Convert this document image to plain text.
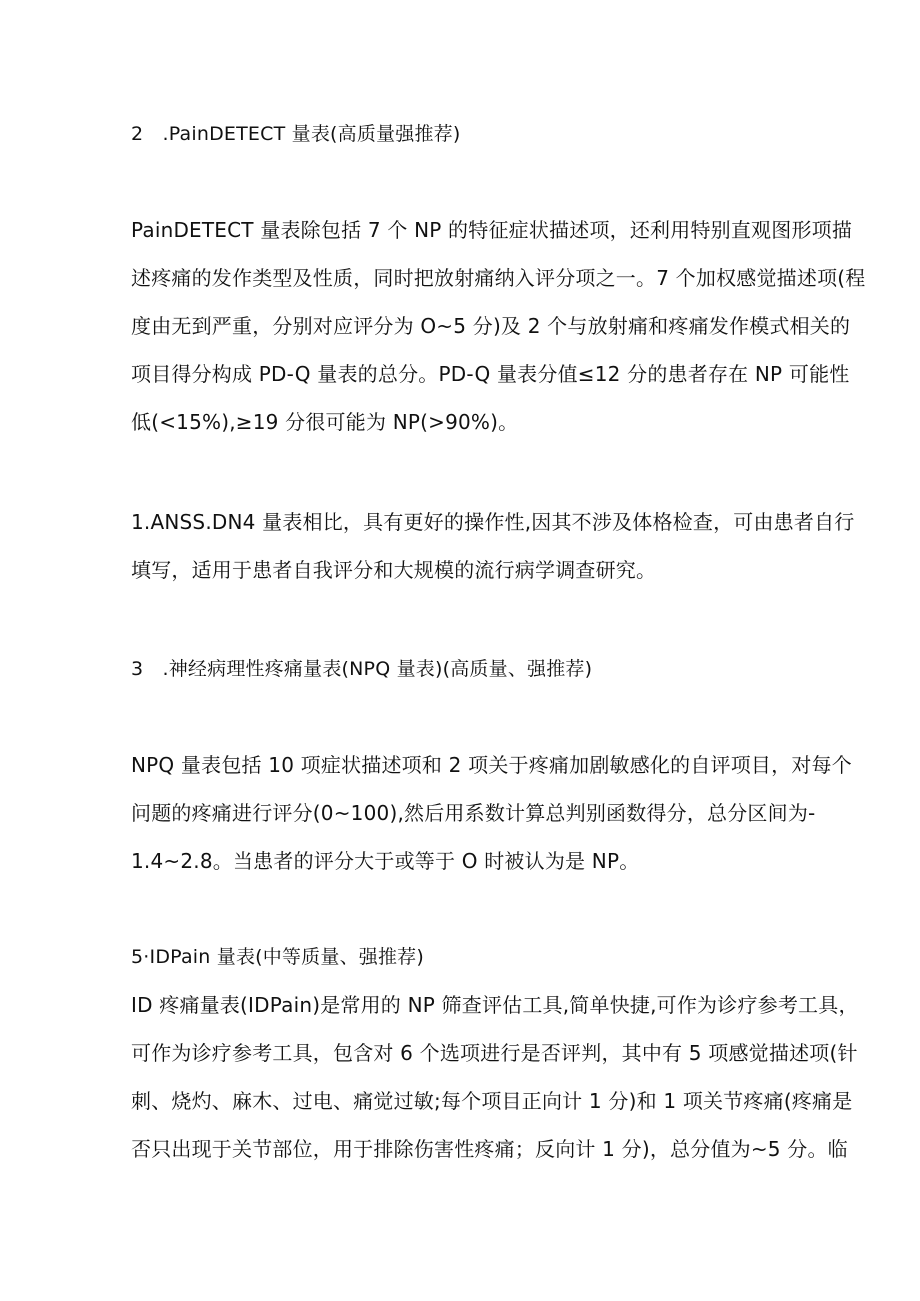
2　.PainDETECT 量表(高质量强推荐)
PainDETECT 量表除包括 7 个 NP 的特征症状描述项，还利用特别直观图形项描
述疼痛的发作类型及性质，同时把放射痛纳入评分项之一。7 个加权感觉描述项(程
度由无到严重，分别对应评分为 O~5 分)及 2 个与放射痛和疼痛发作模式相关的
项目得分构成 PD-Q 量表的总分。PD-Q 量表分值≤12 分的患者存在 NP 可能性
低(<15%),≥19 分很可能为 NP(>90%)。
1.ANSS.DN4 量表相比，具有更好的操作性,因其不涉及体格检查，可由患者自行
填写，适用于患者自我评分和大规模的流行病学调查研究。
3　.神经病理性疼痛量表(NPQ 量表)(高质量、强推荐)
NPQ 量表包括 10 项症状描述项和 2 项关于疼痛加剧敏感化的自评项目，对每个
问题的疼痛进行评分(0~100),然后用系数计算总判别函数得分，总分区间为-
1.4~2.8。当患者的评分大于或等于 O 时被认为是 NP。
5·IDPain 量表(中等质量、强推荐)
ID 疼痛量表(IDPain)是常用的 NP 筛查评估工具,简单快捷,可作为诊疗参考工具，
可作为诊疗参考工具，包含对 6 个选项进行是否评判，其中有 5 项感觉描述项(针
刺、烧灼、麻木、过电、痛觉过敏;每个项目正向计 1 分)和 1 项关节疼痛(疼痛是
否只出现于关节部位，用于排除伤害性疼痛；反向计 1 分)，总分值为~5 分。临
